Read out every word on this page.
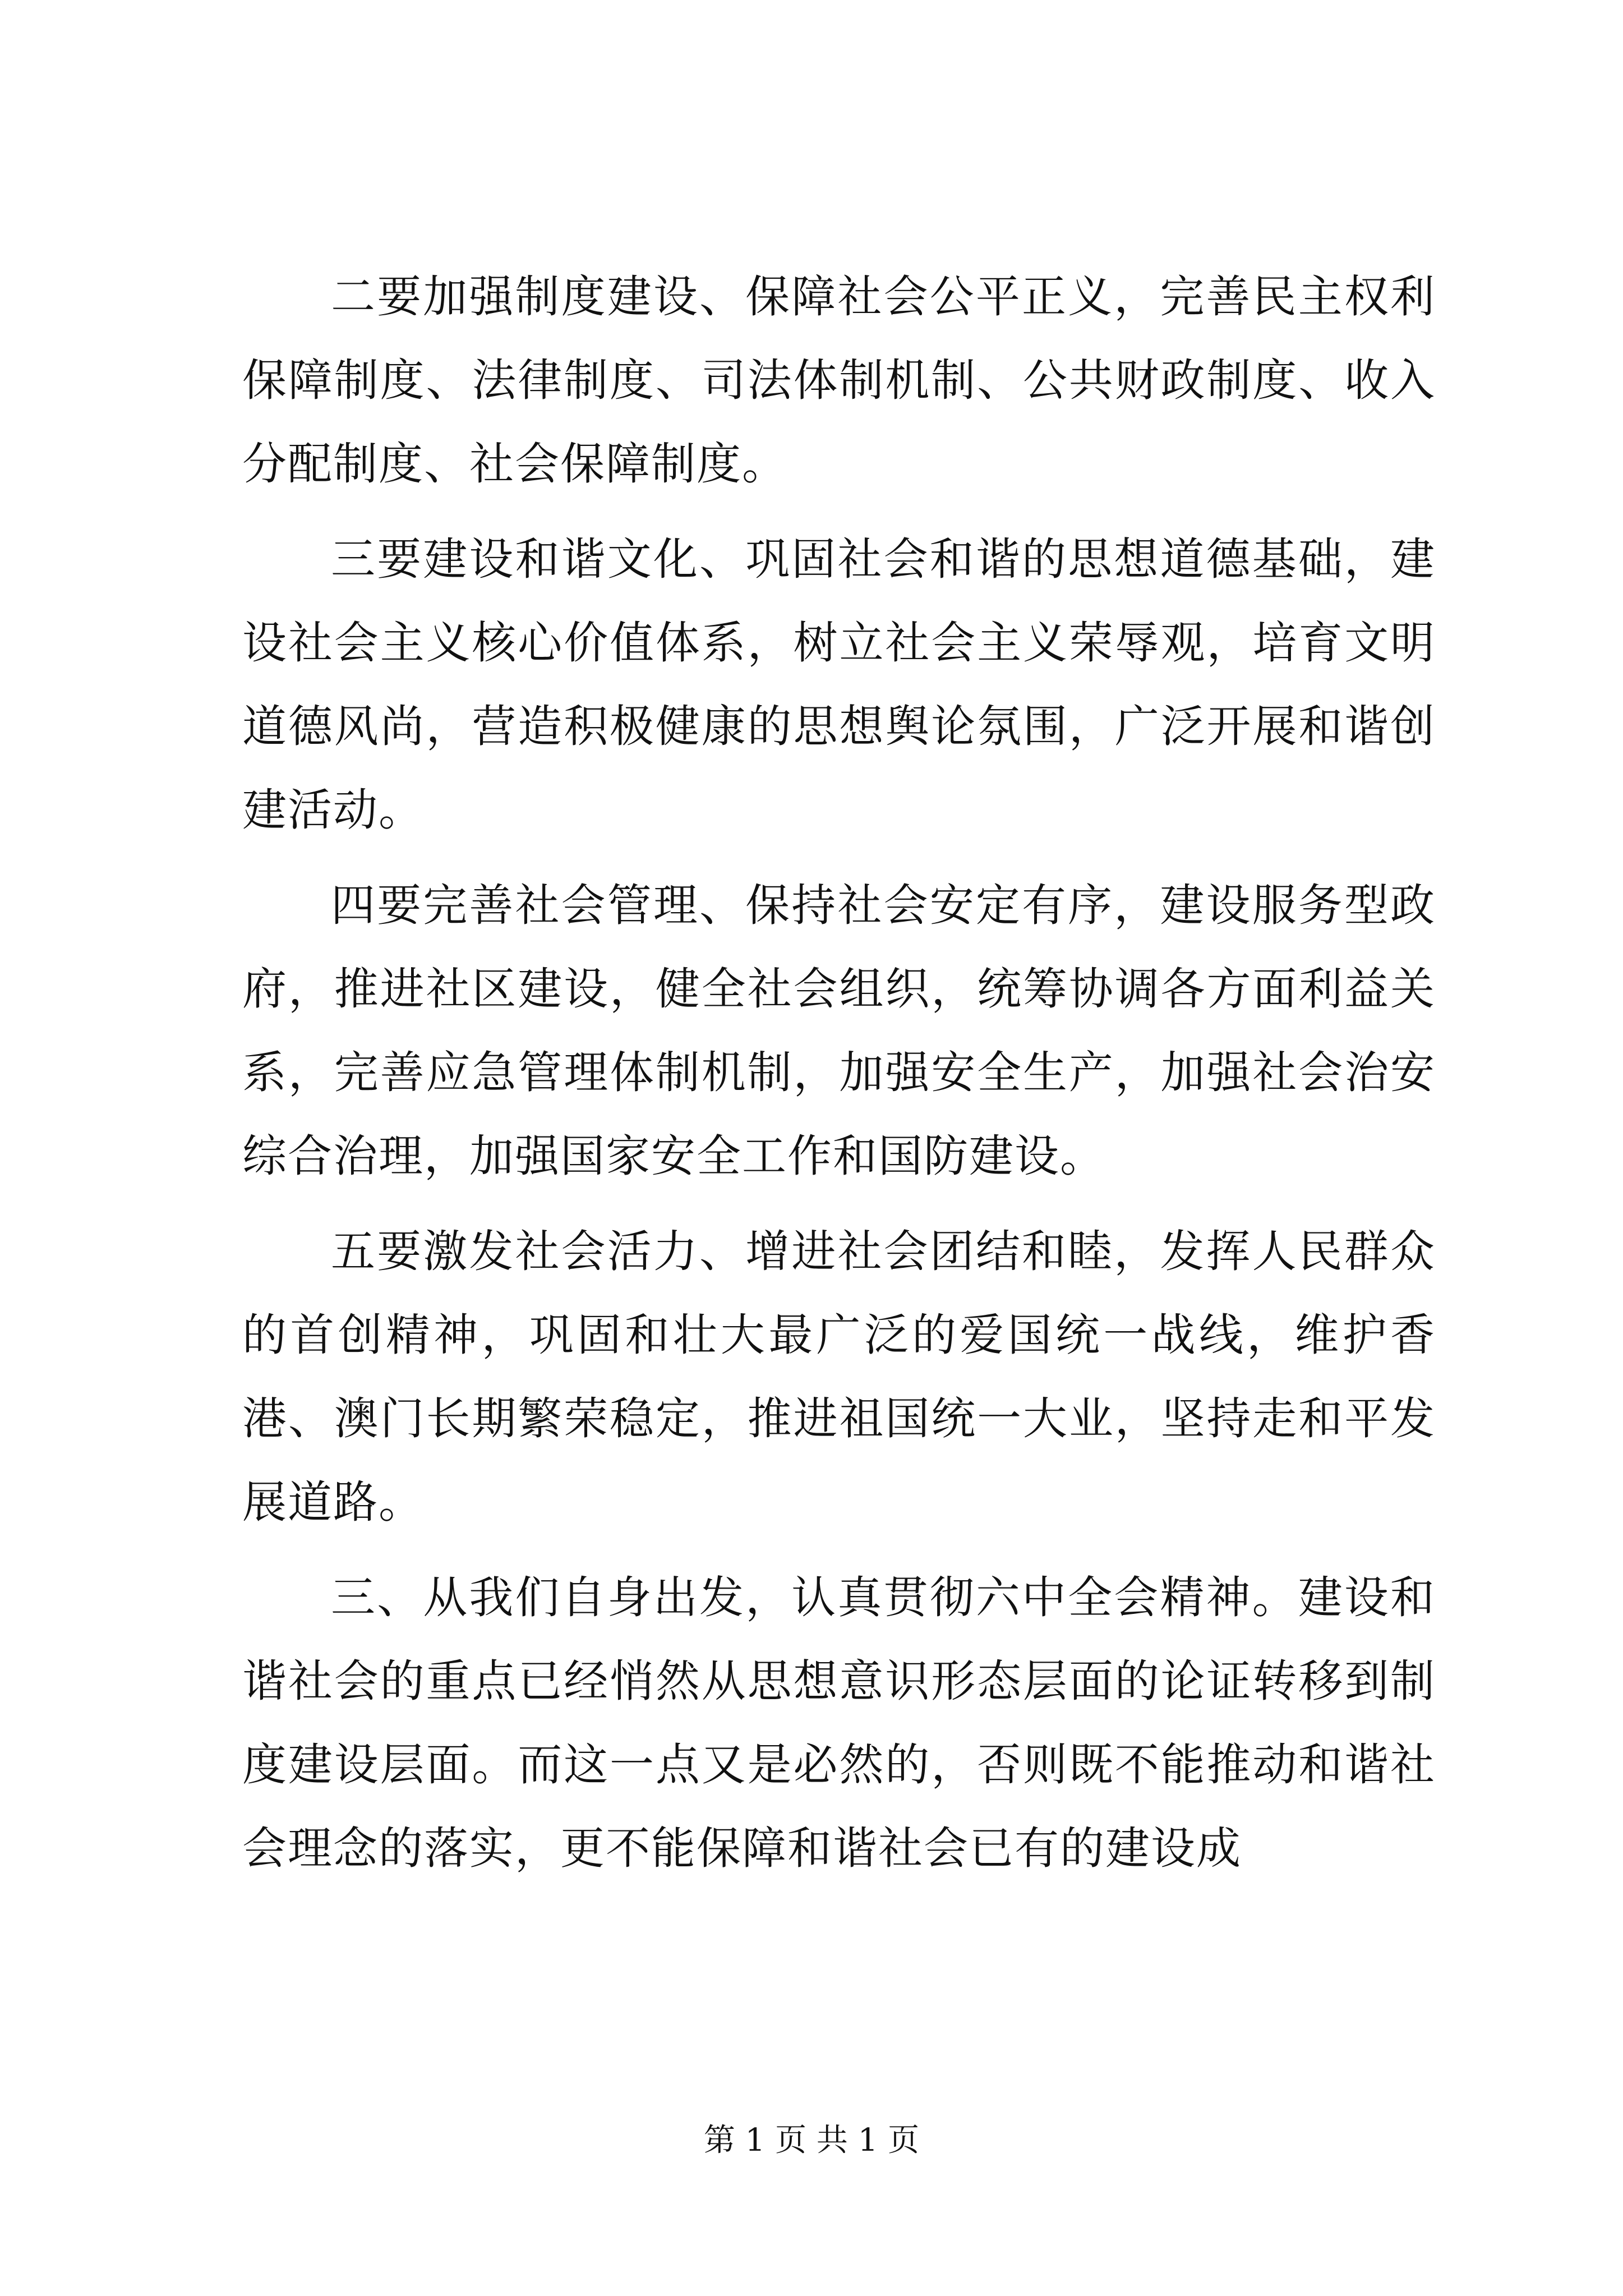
二要加强制度建设、保障社会公平正义，完善民主权利保障制度、法律制度、司法体制机制、公共财政制度、收入分配制度、社会保障制度。

三要建设和谐文化、巩固社会和谐的思想道德基础，建设社会主义核心价值体系，树立社会主义荣辱观，培育文明道德风尚，营造积极健康的思想舆论氛围，广泛开展和谐创建活动。

四要完善社会管理、保持社会安定有序，建设服务型政府，推进社区建设，健全社会组织，统筹协调各方面利益关系，完善应急管理体制机制，加强安全生产，加强社会治安综合治理，加强国家安全工作和国防建设。

五要激发社会活力、增进社会团结和睦，发挥人民群众的首创精神，巩固和壮大最广泛的爱国统一战线，维护香港、澳门长期繁荣稳定，推进祖国统一大业，坚持走和平发展道路。

三、从我们自身出发，认真贯彻六中全会精神。建设和谐社会的重点已经悄然从思想意识形态层面的论证转移到制度建设层面。而这一点又是必然的，否则既不能推动和谐社会理念的落实，更不能保障和谐社会已有的建设成

第 1 页 共 1 页
